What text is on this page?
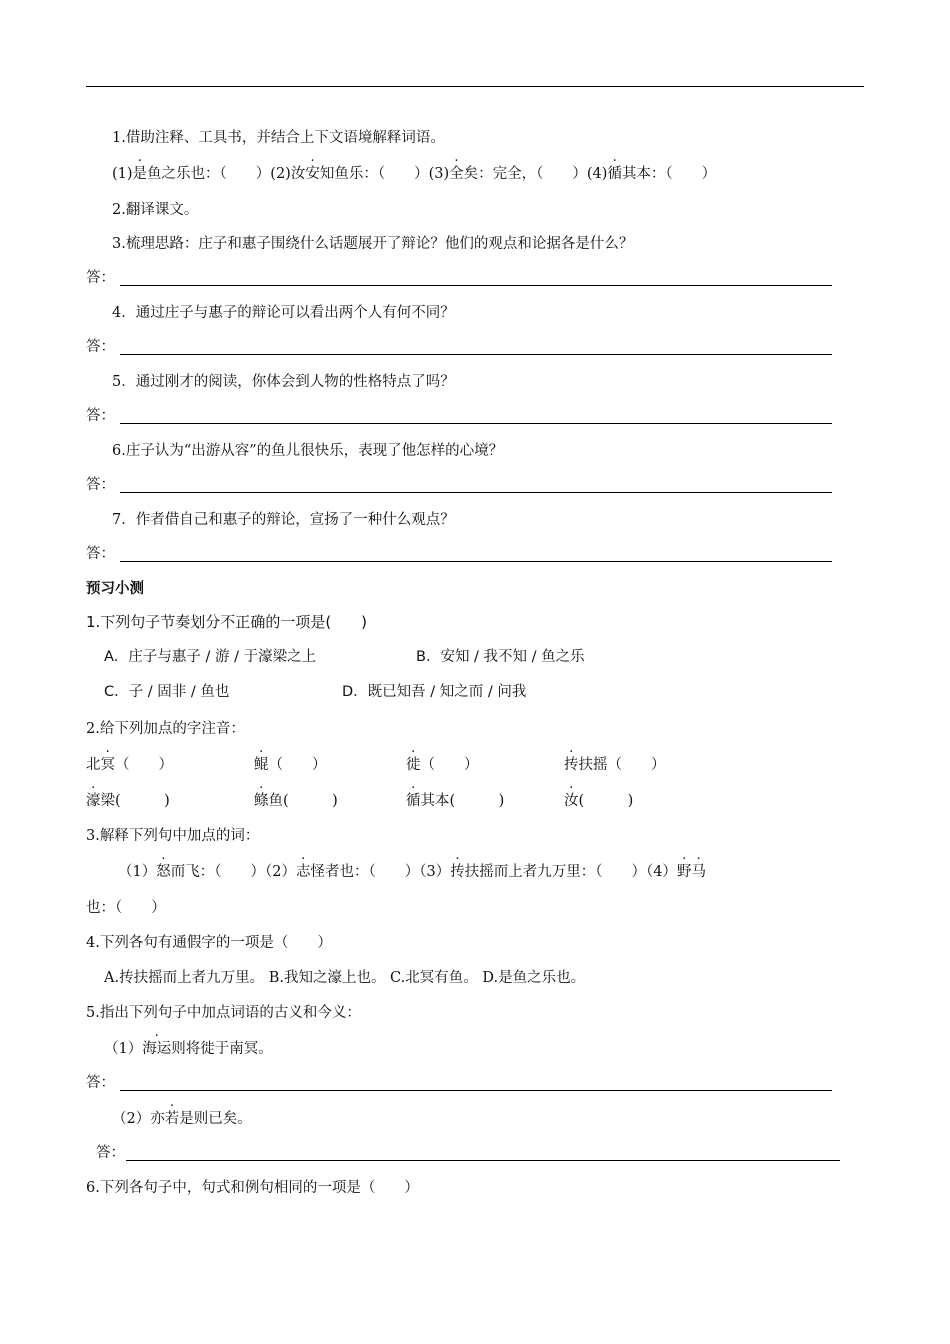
1.借助注释、工具书，并结合上下文语境解释词语。
(1)是鱼之乐也：（　　）(2)汝安知鱼乐：（　　）(3)全矣：完全，（　　）(4)循其本：（　　）
2.翻译课文。
3.梳理思路：庄子和惠子围绕什么话题展开了辩论？他们的观点和论据各是什么？
答：
4．通过庄子与惠子的辩论可以看出两个人有何不同？
答：
5．通过刚才的阅读，你体会到人物的性格特点了吗？
答：
6.庄子认为“出游从容”的鱼儿很快乐，表现了他怎样的心境？
答：
7．作者借自己和惠子的辩论，宣扬了一种什么观点？
答：
预习小测
1.下列句子节奏划分不正确的一项是(　　)
A．庄子与惠子 / 游 / 于濠梁之上	B．安知 / 我不知 / 鱼之乐
C．子 / 固非 / 鱼也	D．既已知吾 / 知之而 / 问我
2.给下列加点的字注音：
北冥（　　）	鲲（　　）	徙（　　）	抟扶摇（　　）
濠梁(　　　)	鲦鱼(　　　)	循其本(　　　)	汝(　　　)
3.解释下列句中加点的词：
（1）怒而飞：（　　）（2）志怪者也：（　　）（3）抟扶摇而上者九万里：（　　）（4）野马
也：（　　）
4.下列各句有通假字的一项是（　　）
A.抟扶摇而上者九万里。 B.我知之濠上也。 C.北冥有鱼。 D.是鱼之乐也。
5.指出下列句子中加点词语的古义和今义：
（1）海运则将徙于南冥。
答：
（2）亦若是则已矣。
答：
6.下列各句子中，句式和例句相同的一项是（　　）
